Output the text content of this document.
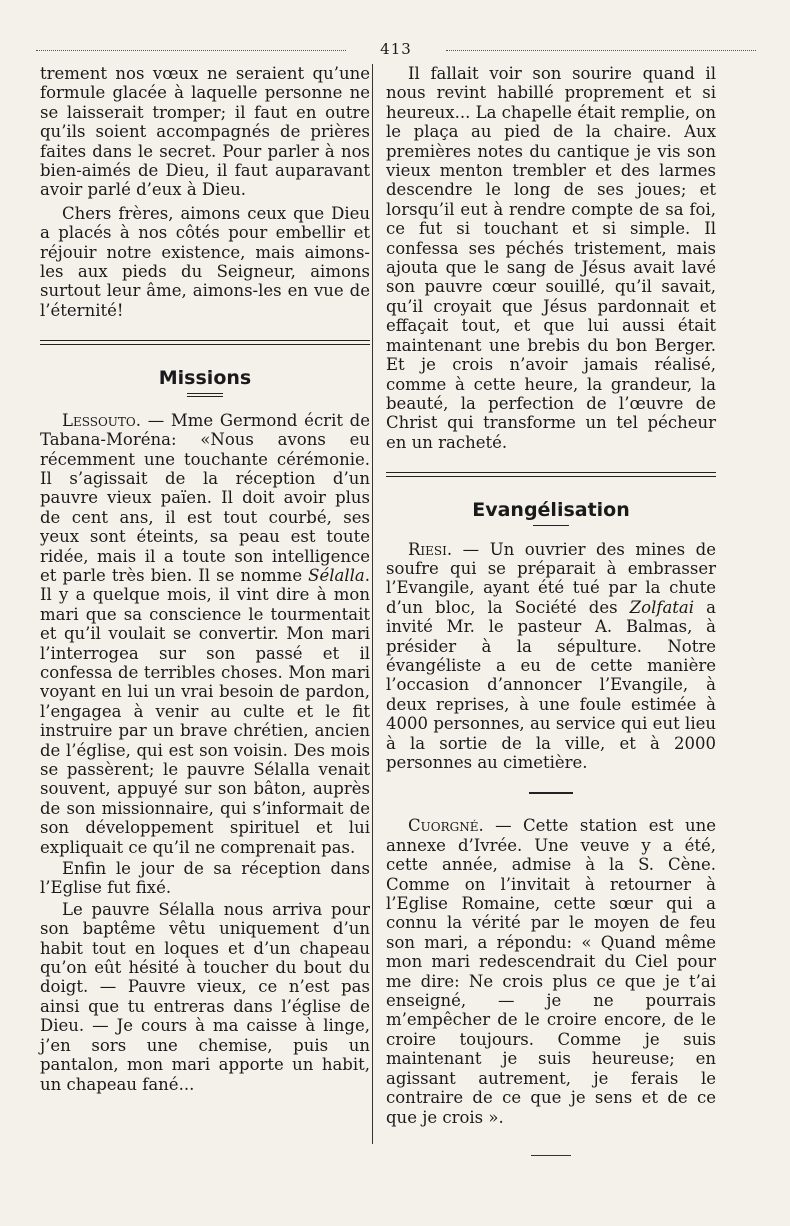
413

trement nos vœux ne seraient qu’une formule glacée à laquelle personne ne se laisserait tromper; il faut en outre qu’ils soient accompagnés de prières faites dans le secret. Pour parler à nos bien-aimés de Dieu, il faut auparavant avoir parlé d’eux à Dieu.

Chers frères, aimons ceux que Dieu a placés à nos côtés pour embellir et réjouir notre existence, mais aimons-les aux pieds du Seigneur, aimons surtout leur âme, aimons-les en vue de l’éternité!

Missions

Lessouto. — Mme Germond écrit de Tabana-Moréna: «Nous avons eu récemment une touchante cérémonie. Il s’agissait de la réception d’un pauvre vieux païen. Il doit avoir plus de cent ans, il est tout courbé, ses yeux sont éteints, sa peau est toute ridée, mais il a toute son intelligence et parle très bien. Il se nomme Sélalla. Il y a quelque mois, il vint dire à mon mari que sa conscience le tourmentait et qu’il voulait se convertir. Mon mari l’interrogea sur son passé et il confessa de terribles choses. Mon mari voyant en lui un vrai besoin de pardon, l’engagea à venir au culte et le fit instruire par un brave chrétien, ancien de l’église, qui est son voisin. Des mois se passèrent; le pauvre Sélalla venait souvent, appuyé sur son bâton, auprès de son missionnaire, qui s’informait de son développement spirituel et lui expliquait ce qu’il ne comprenait pas.

Enfin le jour de sa réception dans l’Eglise fut fixé.

Le pauvre Sélalla nous arriva pour son baptême vêtu uniquement d’un habit tout en loques et d’un chapeau qu’on eût hésité à toucher du bout du doigt. — Pauvre vieux, ce n’est pas ainsi que tu entreras dans l’église de Dieu. — Je cours à ma caisse à linge, j’en sors une chemise, puis un pantalon, mon mari apporte un habit, un chapeau fané...

Il fallait voir son sourire quand il nous revint habillé proprement et si heureux... La chapelle était remplie, on le plaça au pied de la chaire. Aux premières notes du cantique je vis son vieux menton trembler et des larmes descendre le long de ses joues; et lorsqu’il eut à rendre compte de sa foi, ce fut si touchant et si simple. Il confessa ses péchés tristement, mais ajouta que le sang de Jésus avait lavé son pauvre cœur souillé, qu’il savait, qu’il croyait que Jésus pardonnait et effaçait tout, et que lui aussi était maintenant une brebis du bon Berger. Et je crois n’avoir jamais réalisé, comme à cette heure, la grandeur, la beauté, la perfection de l’œuvre de Christ qui transforme un tel pécheur en un racheté.

Evangélisation

Riesi. — Un ouvrier des mines de soufre qui se préparait à embrasser l’Evangile, ayant été tué par la chute d’un bloc, la Société des Zolfatai a invité Mr. le pasteur A. Balmas, à présider à la sépulture. Notre évangéliste a eu de cette manière l’occasion d’annoncer l’Evangile, à deux reprises, à une foule estimée à 4000 personnes, au service qui eut lieu à la sortie de la ville, et à 2000 personnes au cimetière.

Cuorgné. — Cette station est une annexe d’Ivrée. Une veuve y a été, cette année, admise à la S. Cène. Comme on l’invitait à retourner à l’Eglise Romaine, cette sœur qui a connu la vérité par le moyen de feu son mari, a répondu: « Quand même mon mari redescendrait du Ciel pour me dire: Ne crois plus ce que je t’ai enseigné, — je ne pourrais m’empêcher de le croire encore, de le croire toujours. Comme je suis maintenant je suis heureuse; en agissant autrement, je ferais le contraire de ce que je sens et de ce que je crois ».
